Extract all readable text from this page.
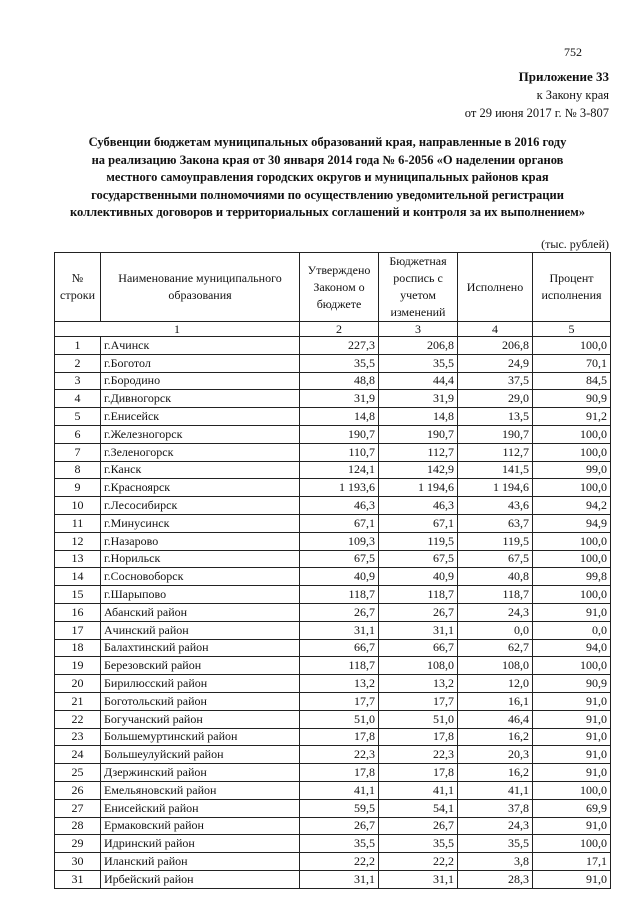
752
Приложение 33
к Закону края
от 29 июня 2017 г. № 3-807
Субвенции бюджетам муниципальных образований края, направленные в 2016 году
на реализацию Закона края от 30 января 2014 года № 6-2056 «О наделении органов
местного самоуправления городских округов и муниципальных районов края
государственными полномочиями по осуществлению уведомительной регистрации
коллективных договоров и территориальных соглашений и контроля за их выполнением»
(тыс. рублей)
№ строки	Наименование муниципального образования	Утверждено Законом о бюджете	Бюджетная роспись с учетом изменений	Исполнено	Процент исполнения
1		2	3	4	5
1	г.Ачинск	227,3	206,8	206,8	100,0
2	г.Боготол	35,5	35,5	24,9	70,1
3	г.Бородино	48,8	44,4	37,5	84,5
4	г.Дивногорск	31,9	31,9	29,0	90,9
5	г.Енисейск	14,8	14,8	13,5	91,2
6	г.Железногорск	190,7	190,7	190,7	100,0
7	г.Зеленогорск	110,7	112,7	112,7	100,0
8	г.Канск	124,1	142,9	141,5	99,0
9	г.Красноярск	1 193,6	1 194,6	1 194,6	100,0
10	г.Лесосибирск	46,3	46,3	43,6	94,2
11	г.Минусинск	67,1	67,1	63,7	94,9
12	г.Назарово	109,3	119,5	119,5	100,0
13	г.Норильск	67,5	67,5	67,5	100,0
14	г.Сосновоборск	40,9	40,9	40,8	99,8
15	г.Шарыпово	118,7	118,7	118,7	100,0
16	Абанский район	26,7	26,7	24,3	91,0
17	Ачинский район	31,1	31,1	0,0	0,0
18	Балахтинский район	66,7	66,7	62,7	94,0
19	Березовский район	118,7	108,0	108,0	100,0
20	Бирилюсский район	13,2	13,2	12,0	90,9
21	Боготольский район	17,7	17,7	16,1	91,0
22	Богучанский район	51,0	51,0	46,4	91,0
23	Большемуртинский район	17,8	17,8	16,2	91,0
24	Большеулуйский район	22,3	22,3	20,3	91,0
25	Дзержинский район	17,8	17,8	16,2	91,0
26	Емельяновский район	41,1	41,1	41,1	100,0
27	Енисейский район	59,5	54,1	37,8	69,9
28	Ермаковский район	26,7	26,7	24,3	91,0
29	Идринский район	35,5	35,5	35,5	100,0
30	Иланский район	22,2	22,2	3,8	17,1
31	Ирбейский район	31,1	31,1	28,3	91,0
